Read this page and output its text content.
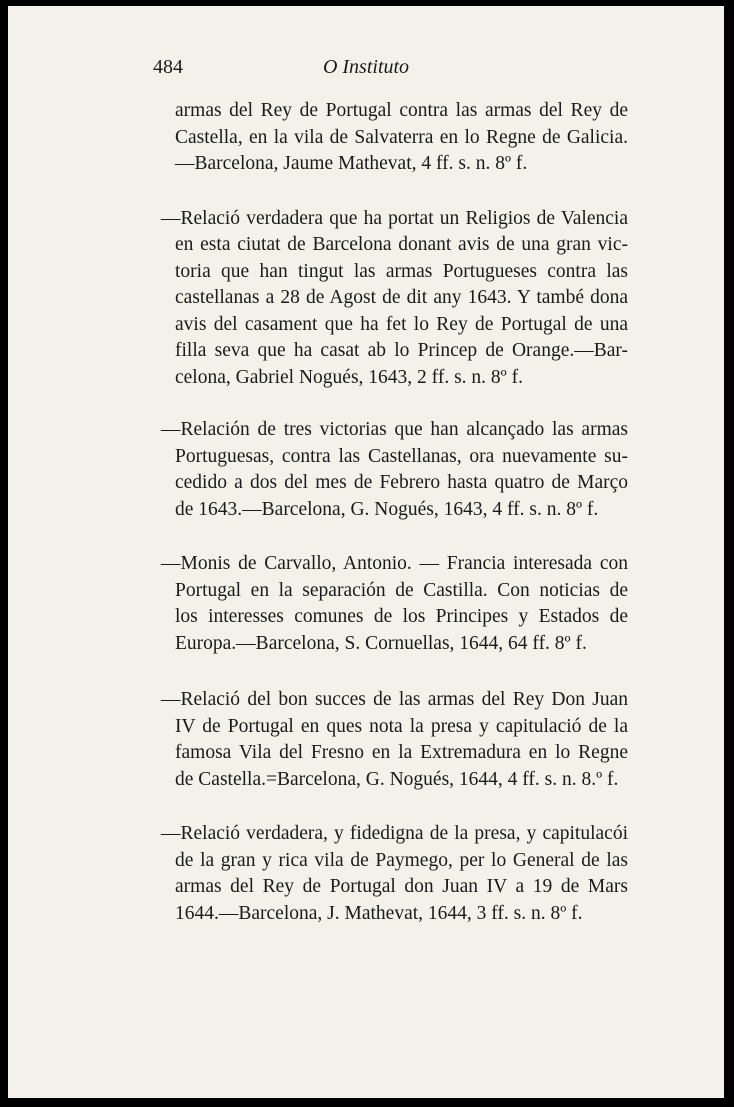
484	O Instituto
armas del Rey de Portugal contra las armas del Rey de
Castella, en la vila de Salvaterra en lo Regne de Galicia.
—Barcelona, Jaume Mathevat, 4 ff. s. n. 8º f.
—Relació verdadera que ha portat un Religios de Valencia
en esta ciutat de Barcelona donant avis de una gran vic-
toria que han tingut las armas Portugueses contra las
castellanas a 28 de Agost de dit any 1643. Y també dona
avis del casament que ha fet lo Rey de Portugal de una
filla seva que ha casat ab lo Princep de Orange.—Bar-
celona, Gabriel Nogués, 1643, 2 ff. s. n. 8º f.
—Relación de tres victorias que han alcançado las armas
Portuguesas, contra las Castellanas, ora nuevamente su-
cedido a dos del mes de Febrero hasta quatro de Março
de 1643.—Barcelona, G. Nogués, 1643, 4 ff. s. n. 8º f.
—Monis de Carvallo, Antonio. — Francia interesada con
Portugal en la separación de Castilla. Con noticias de
los interesses comunes de los Principes y Estados de
Europa.—Barcelona, S. Cornuellas, 1644, 64 ff. 8º f.
—Relació del bon succes de las armas del Rey Don Juan
IV de Portugal en ques nota la presa y capitulació de la
famosa Vila del Fresno en la Extremadura en lo Regne
de Castella.=Barcelona, G. Nogués, 1644, 4 ff. s. n. 8.º f.
—Relació verdadera, y fidedigna de la presa, y capitulacói
de la gran y rica vila de Paymego, per lo General de las
armas del Rey de Portugal don Juan IV a 19 de Mars
1644.—Barcelona, J. Mathevat, 1644, 3 ff. s. n. 8º f.
